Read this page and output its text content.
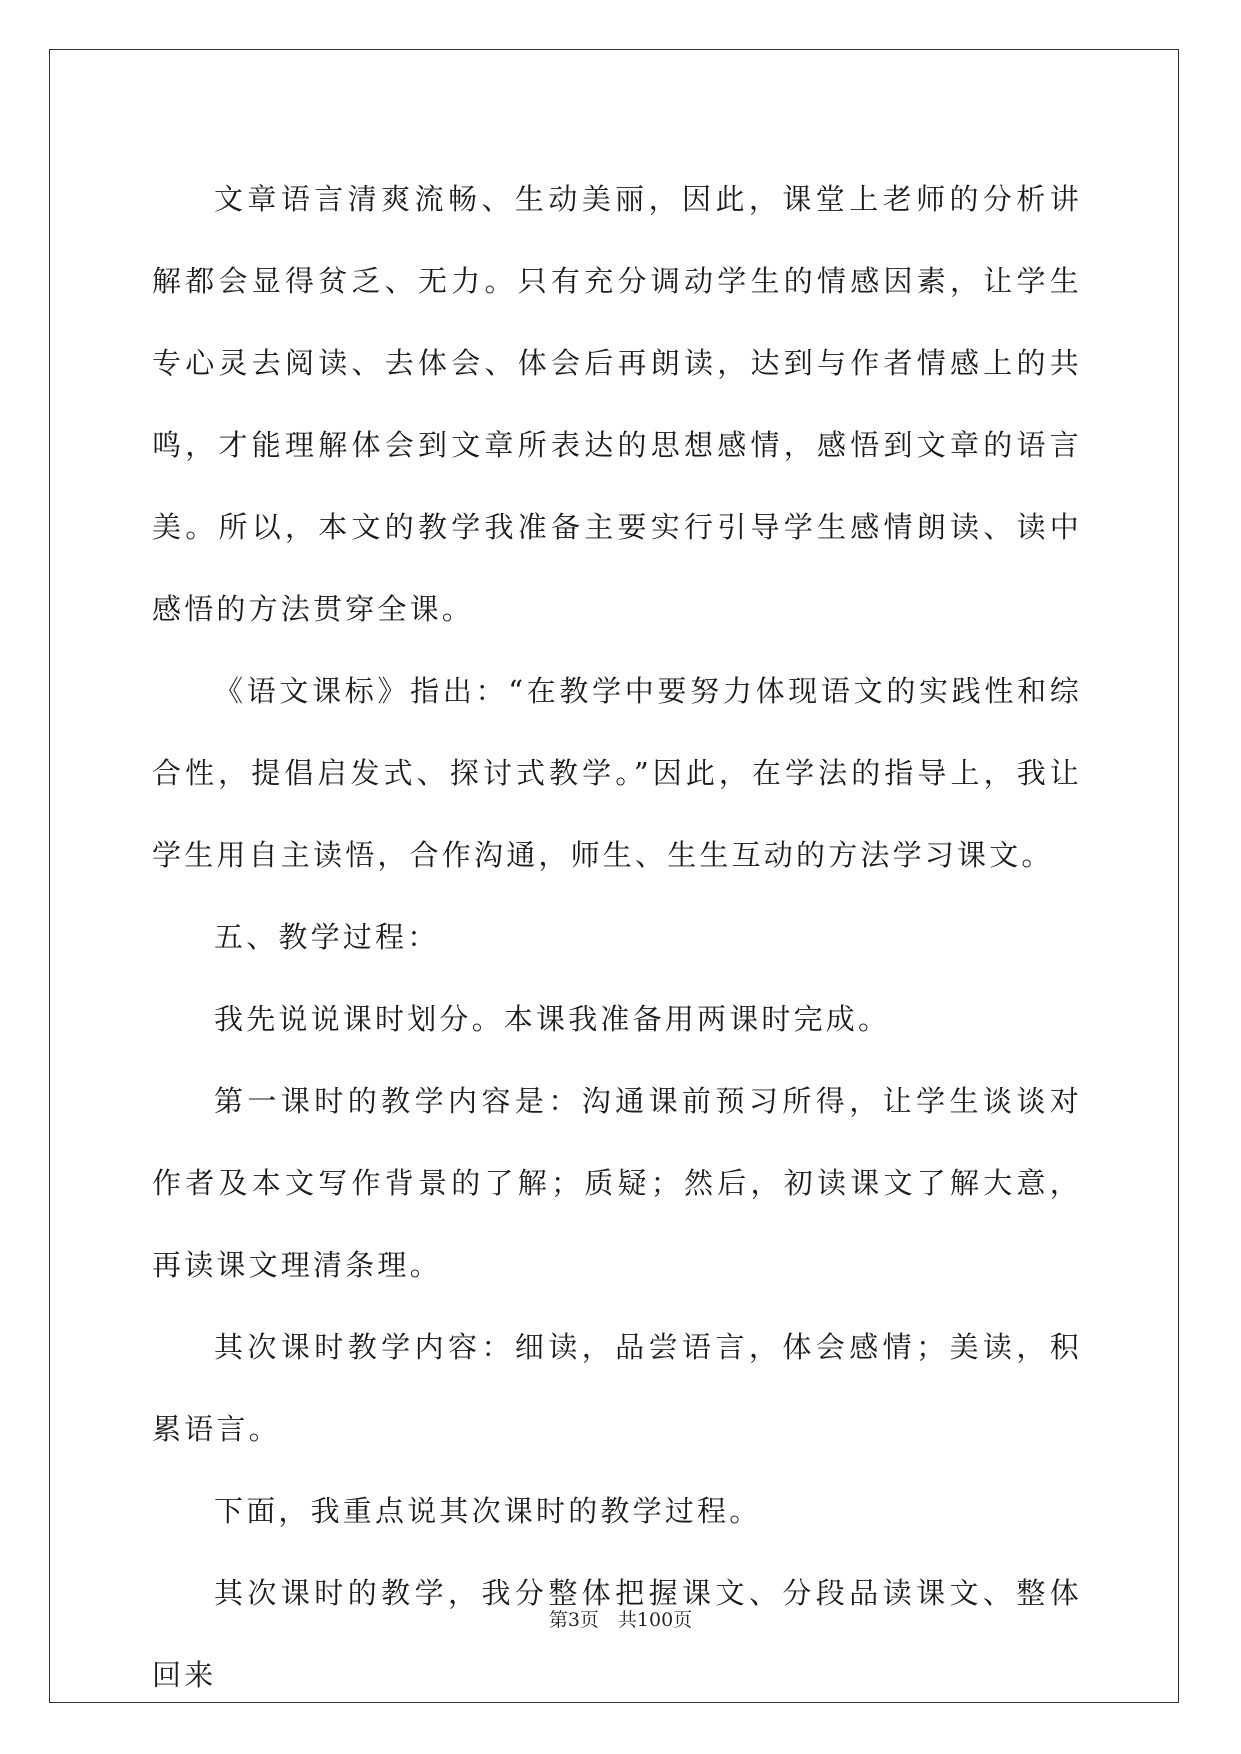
文章语言清爽流畅、生动美丽，因此，课堂上老师的分析讲解都会显得贫乏、无力。只有充分调动学生的情感因素，让学生专心灵去阅读、去体会、体会后再朗读，达到与作者情感上的共鸣，才能理解体会到文章所表达的思想感情，感悟到文章的语言美。所以，本文的教学我准备主要实行引导学生感情朗读、读中感悟的方法贯穿全课。

《语文课标》指出：“在教学中要努力体现语文的实践性和综合性，提倡启发式、探讨式教学。”因此，在学法的指导上，我让学生用自主读悟，合作沟通，师生、生生互动的方法学习课文。

五、教学过程：

我先说说课时划分。本课我准备用两课时完成。

第一课时的教学内容是：沟通课前预习所得，让学生谈谈对作者及本文写作背景的了解；质疑；然后，初读课文了解大意，再读课文理清条理。

其次课时教学内容：细读，品尝语言，体会感情；美读，积累语言。

下面，我重点说其次课时的教学过程。

其次课时的教学，我分整体把握课文、分段品读课文、整体回来

第3页　共100页
